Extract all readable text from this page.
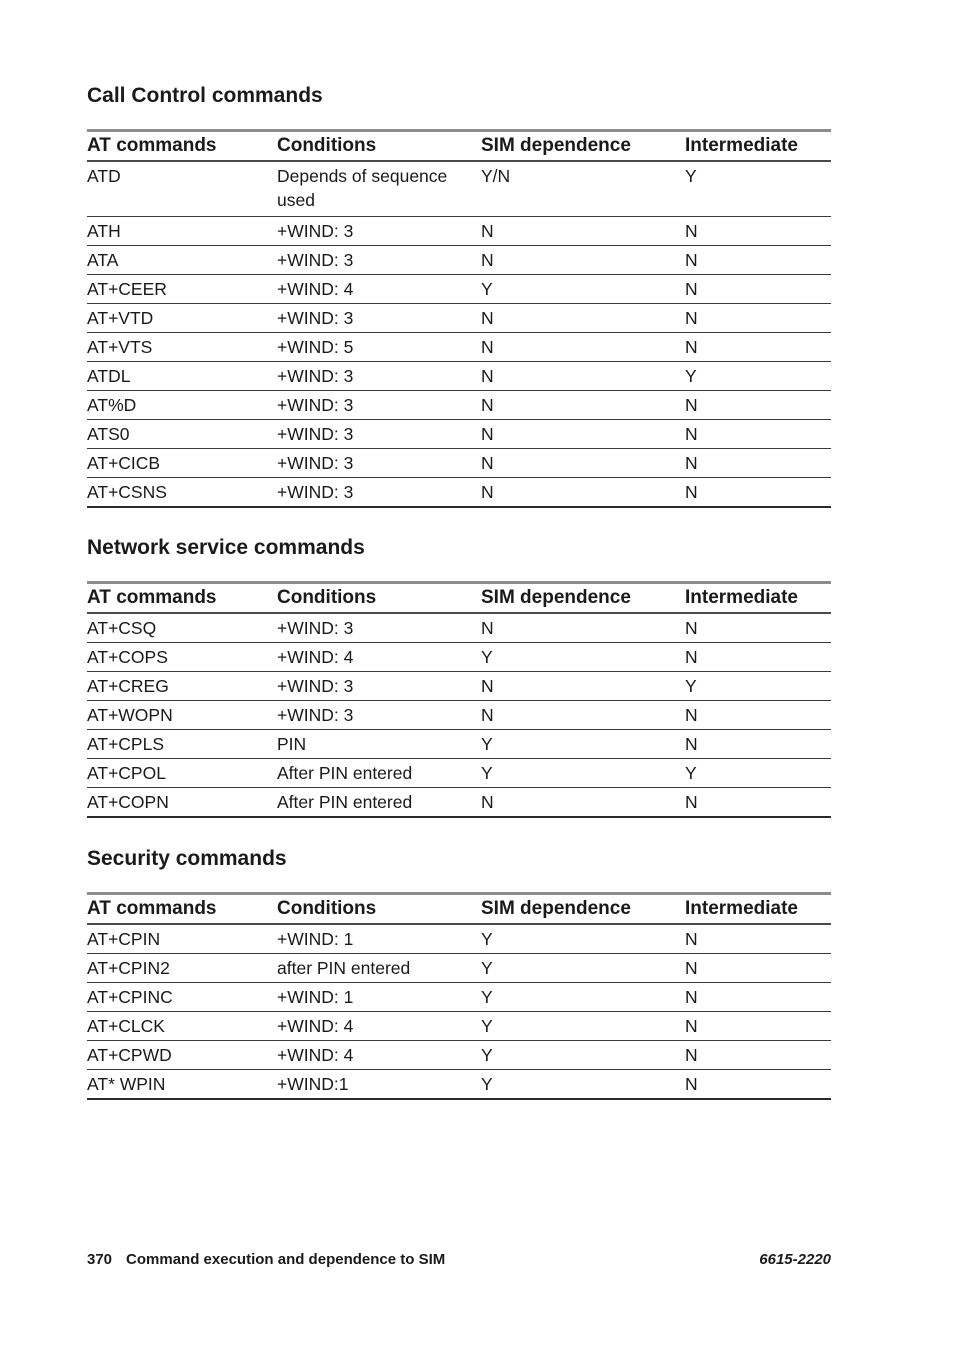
Call Control commands
AT commands	Conditions	SIM dependence	Intermediate
ATD	Depends of sequence used	Y/N	Y
ATH	+WIND: 3	N	N
ATA	+WIND: 3	N	N
AT+CEER	+WIND: 4	Y	N
AT+VTD	+WIND: 3	N	N
AT+VTS	+WIND: 5	N	N
ATDL	+WIND: 3	N	Y
AT%D	+WIND: 3	N	N
ATS0	+WIND: 3	N	N
AT+CICB	+WIND: 3	N	N
AT+CSNS	+WIND: 3	N	N
Network service commands
AT commands	Conditions	SIM dependence	Intermediate
AT+CSQ	+WIND: 3	N	N
AT+COPS	+WIND: 4	Y	N
AT+CREG	+WIND: 3	N	Y
AT+WOPN	+WIND: 3	N	N
AT+CPLS	PIN	Y	N
AT+CPOL	After PIN entered	Y	Y
AT+COPN	After PIN entered	N	N
Security commands
AT commands	Conditions	SIM dependence	Intermediate
AT+CPIN	+WIND: 1	Y	N
AT+CPIN2	after PIN entered	Y	N
AT+CPINC	+WIND: 1	Y	N
AT+CLCK	+WIND: 4	Y	N
AT+CPWD	+WIND: 4	Y	N
AT* WPIN	+WIND:1	Y	N
370 Command execution and dependence to SIM	6615-2220
